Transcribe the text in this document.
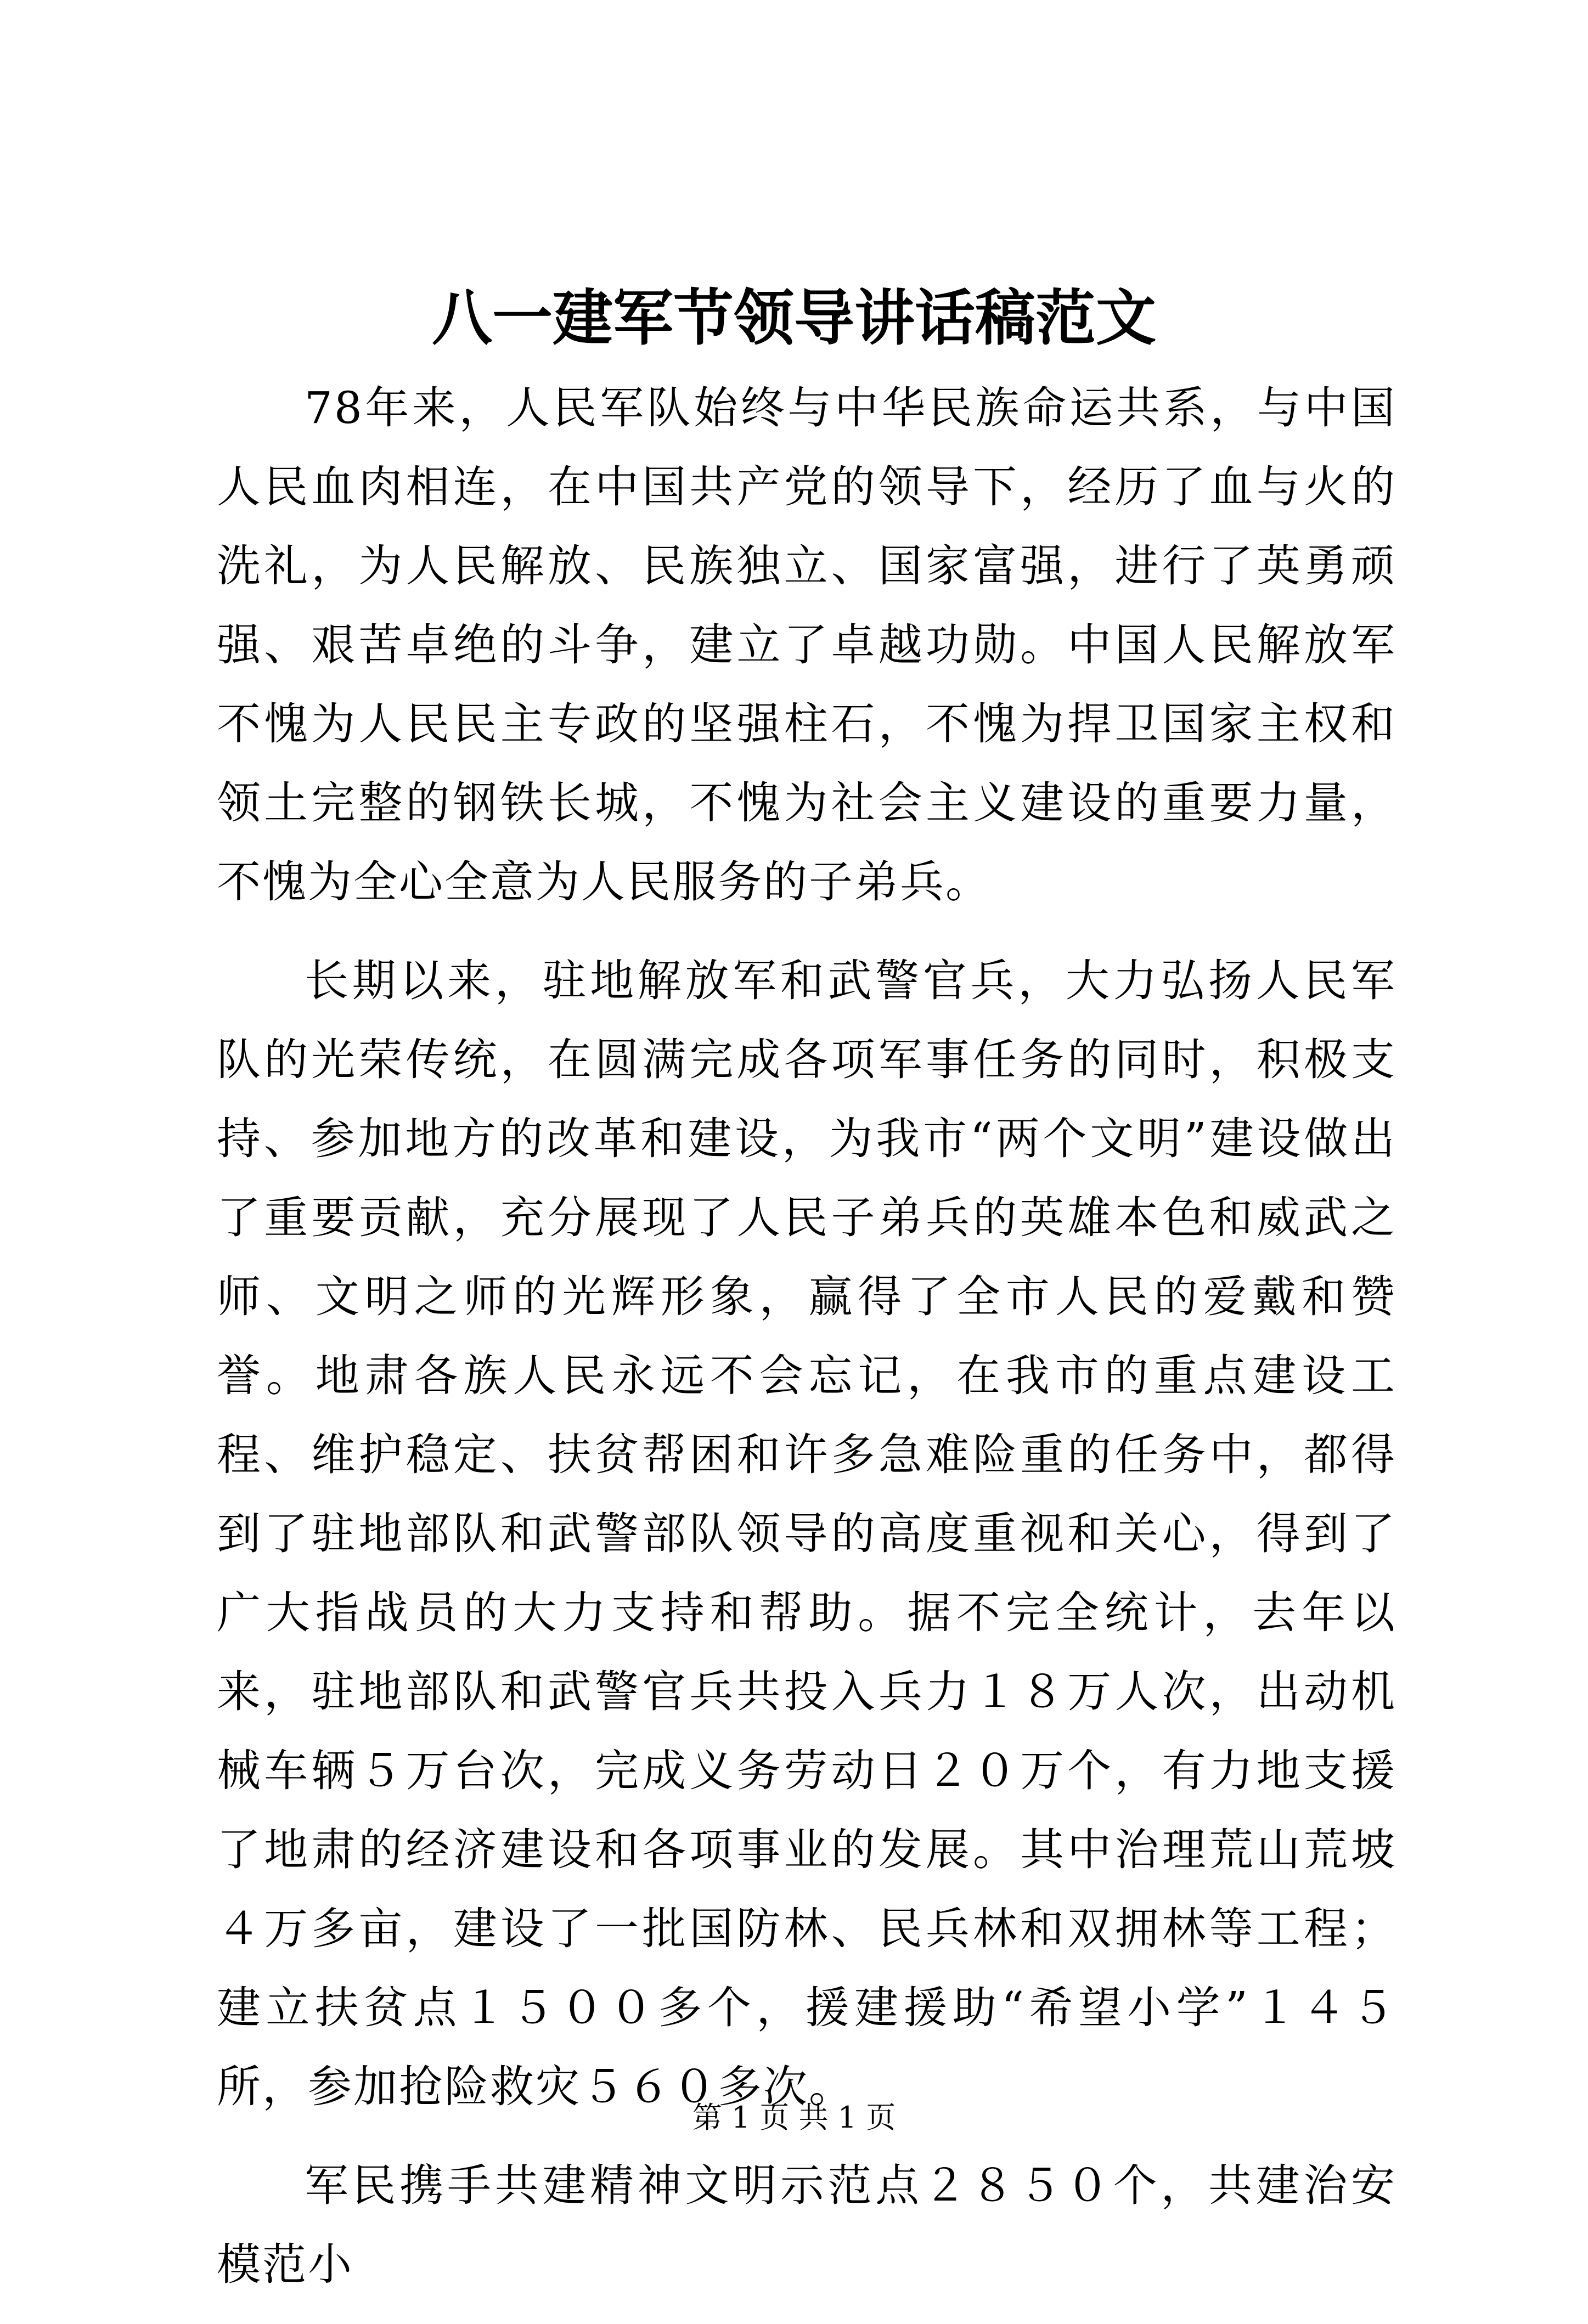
八一建军节领导讲话稿范文

78年来，人民军队始终与中华民族命运共系，与中国人民血肉相连，在中国共产党的领导下，经历了血与火的洗礼，为人民解放、民族独立、国家富强，进行了英勇顽强、艰苦卓绝的斗争，建立了卓越功勋。中国人民解放军不愧为人民民主专政的坚强柱石，不愧为捍卫国家主权和领土完整的钢铁长城，不愧为社会主义建设的重要力量，不愧为全心全意为人民服务的子弟兵。

长期以来，驻地解放军和武警官兵，大力弘扬人民军队的光荣传统，在圆满完成各项军事任务的同时，积极支持、参加地方的改革和建设，为我市“两个文明”建设做出了重要贡献，充分展现了人民子弟兵的英雄本色和威武之师、文明之师的光辉形象，赢得了全市人民的爱戴和赞誉。地肃各族人民永远不会忘记，在我市的重点建设工程、维护稳定、扶贫帮困和许多急难险重的任务中，都得到了驻地部队和武警部队领导的高度重视和关心，得到了广大指战员的大力支持和帮助。据不完全统计，去年以来，驻地部队和武警官兵共投入兵力１８万人次，出动机械车辆５万台次，完成义务劳动日２０万个，有力地支援了地肃的经济建设和各项事业的发展。其中治理荒山荒坡４万多亩，建设了一批国防林、民兵林和双拥林等工程；建立扶贫点１５００多个，援建援助“希望小学”１４５所，参加抢险救灾５６０多次。

军民携手共建精神文明示范点２８５０个，共建治安模范小

第 1 页 共 1 页
